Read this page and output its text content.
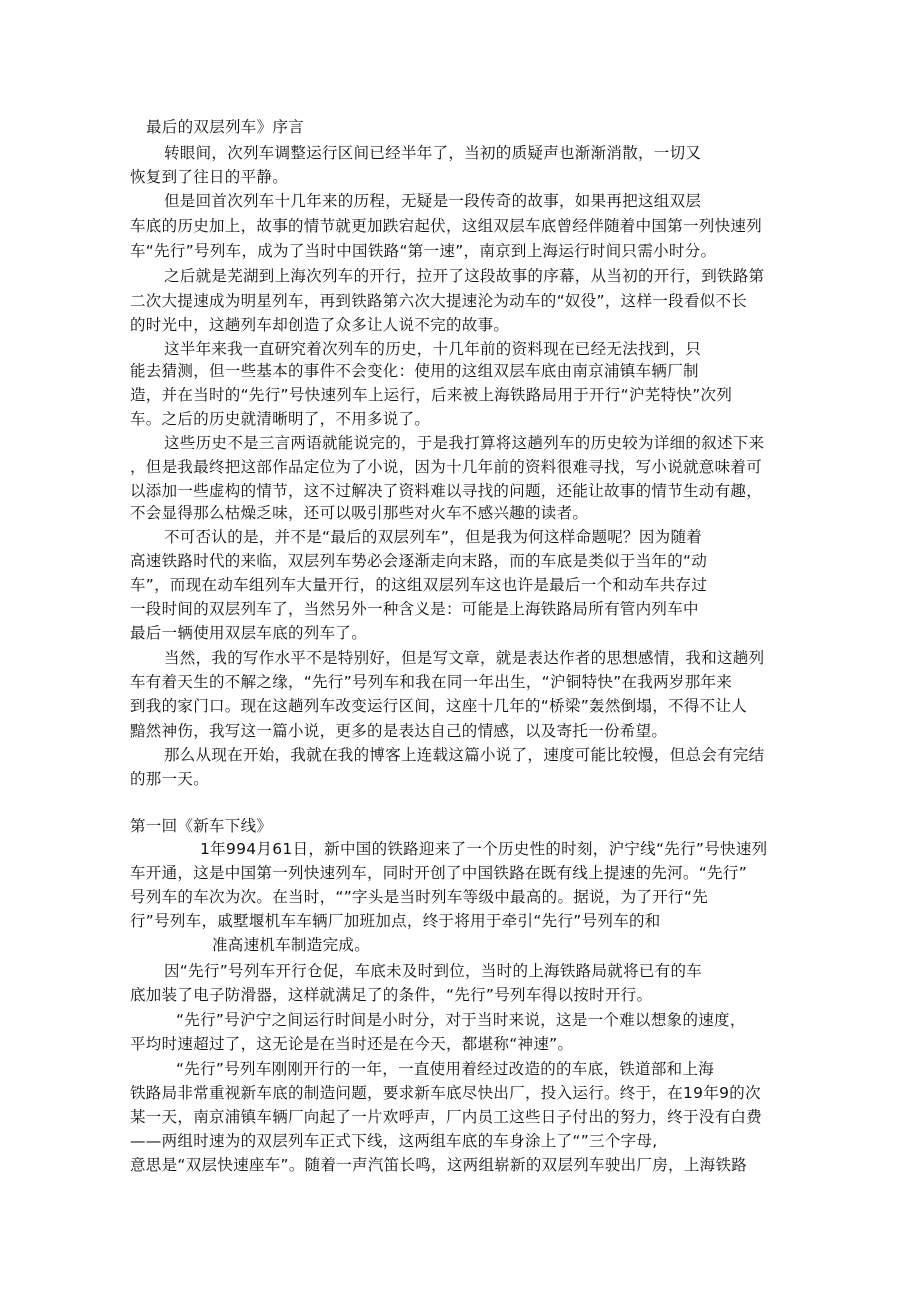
最后的双层列车》序言
转眼间，次列车调整运行区间已经半年了，当初的质疑声也渐渐消散，一切又
恢复到了往日的平静。
但是回首次列车十几年来的历程，无疑是一段传奇的故事，如果再把这组双层
车底的历史加上，故事的情节就更加跌宕起伏，这组双层车底曾经伴随着中国第一列快速列
车“先行”号列车，成为了当时中国铁路“第一速”，南京到上海运行时间只需小时分。
之后就是芜湖到上海次列车的开行，拉开了这段故事的序幕，从当初的开行，到铁路第
二次大提速成为明星列车，再到铁路第六次大提速沦为动车的“奴役”，这样一段看似不长
的时光中，这趟列车却创造了众多让人说不完的故事。
这半年来我一直研究着次列车的历史，十几年前的资料现在已经无法找到，只
能去猜测，但一些基本的事件不会变化：使用的这组双层车底由南京浦镇车辆厂制
造，并在当时的“先行”号快速列车上运行，后来被上海铁路局用于开行“沪芜特快”次列
车。之后的历史就清晰明了，不用多说了。
这些历史不是三言两语就能说完的，于是我打算将这趟列车的历史较为详细的叙述下来
，但是我最终把这部作品定位为了小说，因为十几年前的资料很难寻找，写小说就意味着可
以添加一些虚构的情节，这不过解决了资料难以寻找的问题，还能让故事的情节生动有趣，
不会显得那么枯燥乏味，还可以吸引那些对火车不感兴趣的读者。
不可否认的是，并不是“最后的双层列车”，但是我为何这样命题呢？因为随着
高速铁路时代的来临，双层列车势必会逐渐走向末路，而的车底是类似于当年的“动
车”，而现在动车组列车大量开行，的这组双层列车这也许是最后一个和动车共存过
一段时间的双层列车了，当然另外一种含义是：可能是上海铁路局所有管内列车中
最后一辆使用双层车底的列车了。
当然，我的写作水平不是特别好，但是写文章，就是表达作者的思想感情，我和这趟列
车有着天生的不解之缘，“先行”号列车和我在同一年出生，“沪铜特快”在我两岁那年来
到我的家门口。现在这趟列车改变运行区间，这座十几年的“桥梁”轰然倒塌，不得不让人
黯然神伤，我写这一篇小说，更多的是表达自己的情感，以及寄托一份希望。
那么从现在开始，我就在我的博客上连载这篇小说了，速度可能比较慢，但总会有完结
的那一天。
第一回《新车下线》
1年994月61日，新中国的铁路迎来了一个历史性的时刻，沪宁线“先行”号快速列
车开通，这是中国第一列快速列车，同时开创了中国铁路在既有线上提速的先河。“先行”
号列车的车次为次。在当时，“”字头是当时列车等级中最高的。据说，为了开行“先
行”号列车，戚墅堰机车车辆厂加班加点，终于将用于牵引“先行”号列车的和
准高速机车制造完成。
因“先行”号列车开行仓促，车底未及时到位，当时的上海铁路局就将已有的车
底加装了电子防滑器，这样就满足了的条件，“先行”号列车得以按时开行。
“先行”号沪宁之间运行时间是小时分，对于当时来说，这是一个难以想象的速度，
平均时速超过了，这无论是在当时还是在今天，都堪称“神速”。
“先行”号列车刚刚开行的一年，一直使用着经过改造的的车底，铁道部和上海
铁路局非常重视新车底的制造问题，要求新车底尽快出厂，投入运行。终于，在19年9的次
某一天，南京浦镇车辆厂向起了一片欢呼声，厂内员工这些日子付出的努力，终于没有白费
——两组时速为的双层列车正式下线，这两组车底的车身涂上了“”三个字母,
意思是“双层快速座车”。随着一声汽笛长鸣，这两组崭新的双层列车驶出厂房，上海铁路
